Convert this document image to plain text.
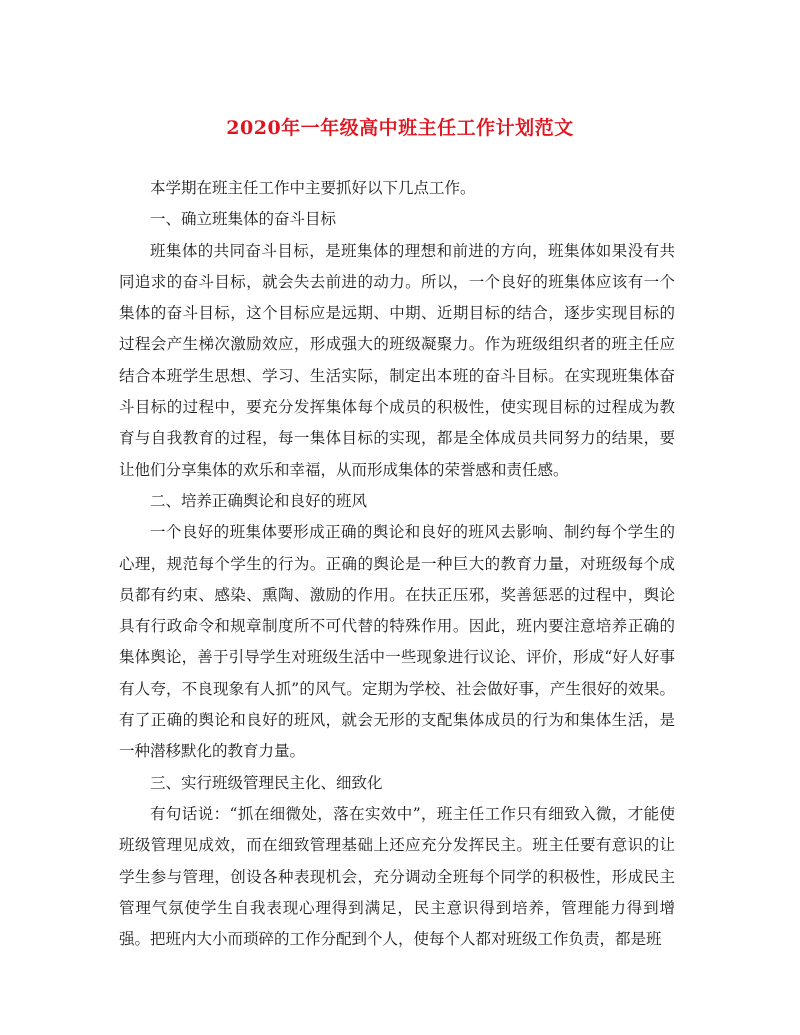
2020年一年级高中班主任工作计划范文

本学期在班主任工作中主要抓好以下几点工作。

一、确立班集体的奋斗目标

班集体的共同奋斗目标，是班集体的理想和前进的方向，班集体如果没有共同追求的奋斗目标，就会失去前进的动力。所以，一个良好的班集体应该有一个集体的奋斗目标，这个目标应是远期、中期、近期目标的结合，逐步实现目标的过程会产生梯次激励效应，形成强大的班级凝聚力。作为班级组织者的班主任应结合本班学生思想、学习、生活实际，制定出本班的奋斗目标。在实现班集体奋斗目标的过程中，要充分发挥集体每个成员的积极性，使实现目标的过程成为教育与自我教育的过程，每一集体目标的实现，都是全体成员共同努力的结果，要让他们分享集体的欢乐和幸福，从而形成集体的荣誉感和责任感。

二、培养正确舆论和良好的班风

一个良好的班集体要形成正确的舆论和良好的班风去影响、制约每个学生的心理，规范每个学生的行为。正确的舆论是一种巨大的教育力量，对班级每个成员都有约束、感染、熏陶、激励的作用。在扶正压邪，奖善惩恶的过程中，舆论具有行政命令和规章制度所不可代替的特殊作用。因此，班内要注意培养正确的集体舆论，善于引导学生对班级生活中一些现象进行议论、评价，形成“好人好事有人夸，不良现象有人抓”的风气。定期为学校、社会做好事，产生很好的效果。有了正确的舆论和良好的班风，就会无形的支配集体成员的行为和集体生活，是一种潜移默化的教育力量。

三、实行班级管理民主化、细致化

有句话说：“抓在细微处，落在实效中”，班主任工作只有细致入微，才能使班级管理见成效，而在细致管理基础上还应充分发挥民主。班主任要有意识的让学生参与管理，创设各种表现机会，充分调动全班每个同学的积极性，形成民主管理气氛使学生自我表现心理得到满足，民主意识得到培养，管理能力得到增强。把班内大小而琐碎的工作分配到个人，使每个人都对班级工作负责，都是班
